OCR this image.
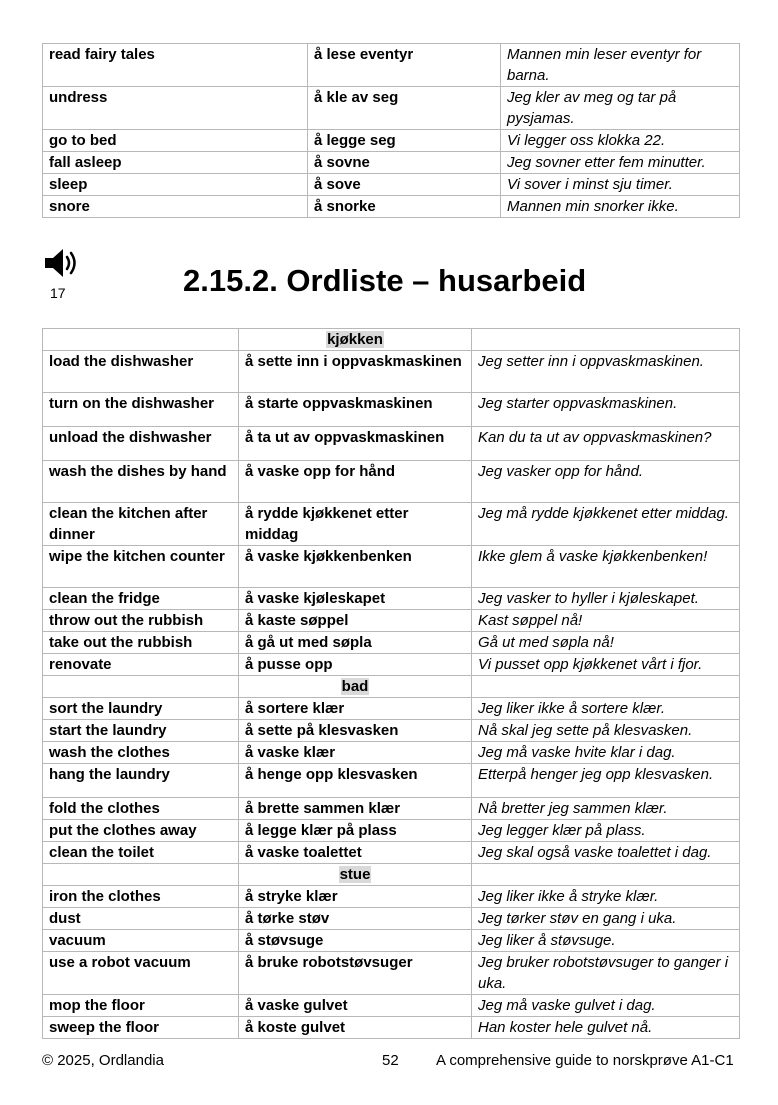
read fairy tales	å lese eventyr	Mannen min leser eventyr for barna.
undress	å kle av seg	Jeg kler av meg og tar på pysjamas.
go to bed	å legge seg	Vi legger oss klokka 22.
fall asleep	å sovne	Jeg sovner etter fem minutter.
sleep	å sove	Vi sover i minst sju timer.
snore	å snorke	Mannen min snorker ikke.
17	2.15.2. Ordliste – husarbeid
	kjøkken	
load the dishwasher	å sette inn i oppvaskmaskinen	Jeg setter inn i oppvaskmaskinen.
turn on the dishwasher	å starte oppvaskmaskinen	Jeg starter oppvaskmaskinen.
unload the dishwasher	å ta ut av oppvaskmaskinen	Kan du ta ut av oppvaskmaskinen?
wash the dishes by hand	å vaske opp for hånd	Jeg vasker opp for hånd.
clean the kitchen after dinner	å rydde kjøkkenet etter middag	Jeg må rydde kjøkkenet etter middag.
wipe the kitchen counter	å vaske kjøkkenbenken	Ikke glem å vaske kjøkkenbenken!
clean the fridge	å vaske kjøleskapet	Jeg vasker to hyller i kjøleskapet.
throw out the rubbish	å kaste søppel	Kast søppel nå!
take out the rubbish	å gå ut med søpla	Gå ut med søpla nå!
renovate	å pusse opp	Vi pusset opp kjøkkenet vårt i fjor.
	bad	
sort the laundry	å sortere klær	Jeg liker ikke å sortere klær.
start the laundry	å sette på klesvasken	Nå skal jeg sette på klesvasken.
wash the clothes	å vaske klær	Jeg må vaske hvite klar i dag.
hang the laundry	å henge opp klesvasken	Etterpå henger jeg opp klesvasken.
fold the clothes	å brette sammen klær	Nå bretter jeg sammen klær.
put the clothes away	å legge klær på plass	Jeg legger klær på plass.
clean the toilet	å vaske toalettet	Jeg skal også vaske toalettet i dag.
	stue	
iron the clothes	å stryke klær	Jeg liker ikke å stryke klær.
dust	å tørke støv	Jeg tørker støv en gang i uka.
vacuum	å støvsuge	Jeg liker å støvsuge.
use a robot vacuum	å bruke robotstøvsuger	Jeg bruker robotstøvsuger to ganger i uka.
mop the floor	å vaske gulvet	Jeg må vaske gulvet i dag.
sweep the floor	å koste gulvet	Han koster hele gulvet nå.
© 2025, Ordlandia	52 A comprehensive guide to norskprøve A1-C1
